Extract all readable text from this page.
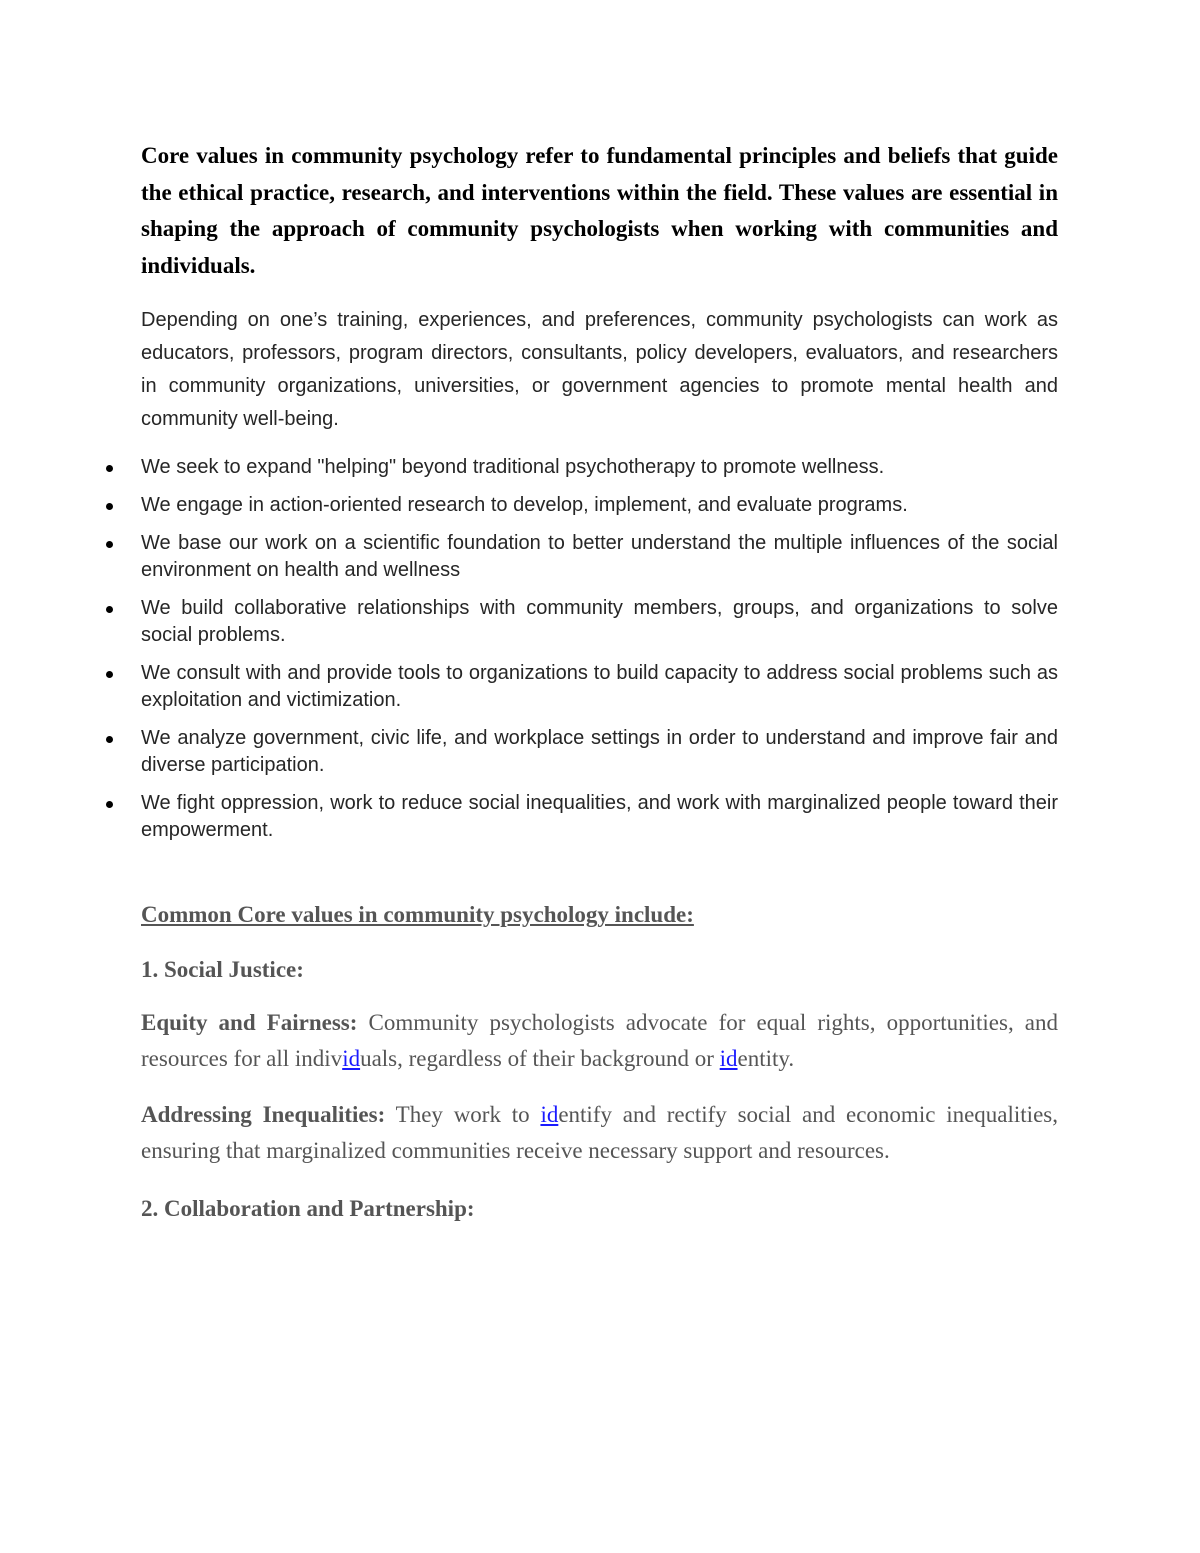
Core values in community psychology refer to fundamental principles and beliefs that guide the ethical practice, research, and interventions within the field. These values are essential in shaping the approach of community psychologists when working with communities and individuals.

Depending on one’s training, experiences, and preferences, community psychologists can work as educators, professors, program directors, consultants, policy developers, evaluators, and researchers in community organizations, universities, or government agencies to promote mental health and community well-being.

We seek to expand "helping" beyond traditional psychotherapy to promote wellness.
We engage in action-oriented research to develop, implement, and evaluate programs.
We base our work on a scientific foundation to better understand the multiple influences of the social environment on health and wellness
We build collaborative relationships with community members, groups, and organizations to solve social problems.
We consult with and provide tools to organizations to build capacity to address social problems such as exploitation and victimization.
We analyze government, civic life, and workplace settings in order to understand and improve fair and diverse participation.
We fight oppression, work to reduce social inequalities, and work with marginalized people toward their empowerment.
Common Core values in community psychology include:
1. Social Justice:

Equity and Fairness: Community psychologists advocate for equal rights, opportunities, and resources for all individuals, regardless of their background or identity.

Addressing Inequalities: They work to identify and rectify social and economic inequalities, ensuring that marginalized communities receive necessary support and resources.

2. Collaboration and Partnership:
